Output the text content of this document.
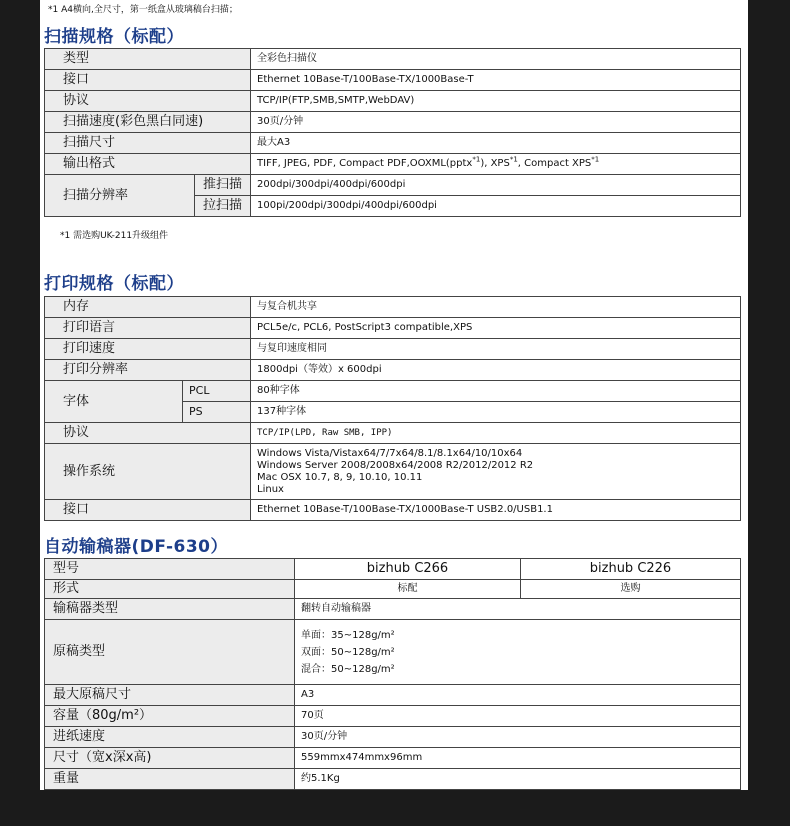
*1 A4横向,全尺寸，第一纸盒从玻璃稿台扫描；
扫描规格（标配）
类型		全彩色扫描仪
接口		Ethernet 10Base-T/100Base-TX/1000Base-T
协议		TCP/IP(FTP,SMB,SMTP,WebDAV)
扫描速度(彩色黑白同速)		30页/分钟
扫描尺寸		最大A3
输出格式		TIFF, JPEG, PDF, Compact PDF,OOXML(pptx$^{*1}$), XPS$^{*1}$, Compact XPS$^{*1}$
扫描分辨率	推扫描	200dpi/300dpi/400dpi/600dpi
	拉扫描	100pi/200dpi/300dpi/400dpi/600dpi
*1 需选购UK-211升级组件
打印规格（标配）
内存		与复合机共享
打印语言		PCL5e/c, PCL6, PostScript3 compatible,XPS
打印速度		与复印速度相同
打印分辨率		1800dpi（等效）x 600dpi
字体	PCL	80种字体
	PS	137种字体
协议		TCP/IP(LPD, Raw SMB, IPP)
操作系统		Windows Vista/Vistax64/7/7x64/8.1/8.1x64/10/10x64
Windows Server 2008/2008x64/2008 R2/2012/2012 R2
Mac OSX 10.7, 8, 9, 10.10, 10.11
Linux

接口		Ethernet 10Base-T/100Base-TX/1000Base-T USB2.0/USB1.1
自动输稿器(DF-630）
型号	bizhub C266	bizhub C226
形式	标配	选购
输稿器类型	翻转自动输稿器	
原稿类型	单面：35~128g/m²
双面：50~128g/m²
混合：50~128g/m²	

最大原稿尺寸	A3	
容量（80g/m²）	70页	
进纸速度	30页/分钟	
尺寸（宽x深x高)	559mmx474mmx96mm	
重量	约5.1Kg	
